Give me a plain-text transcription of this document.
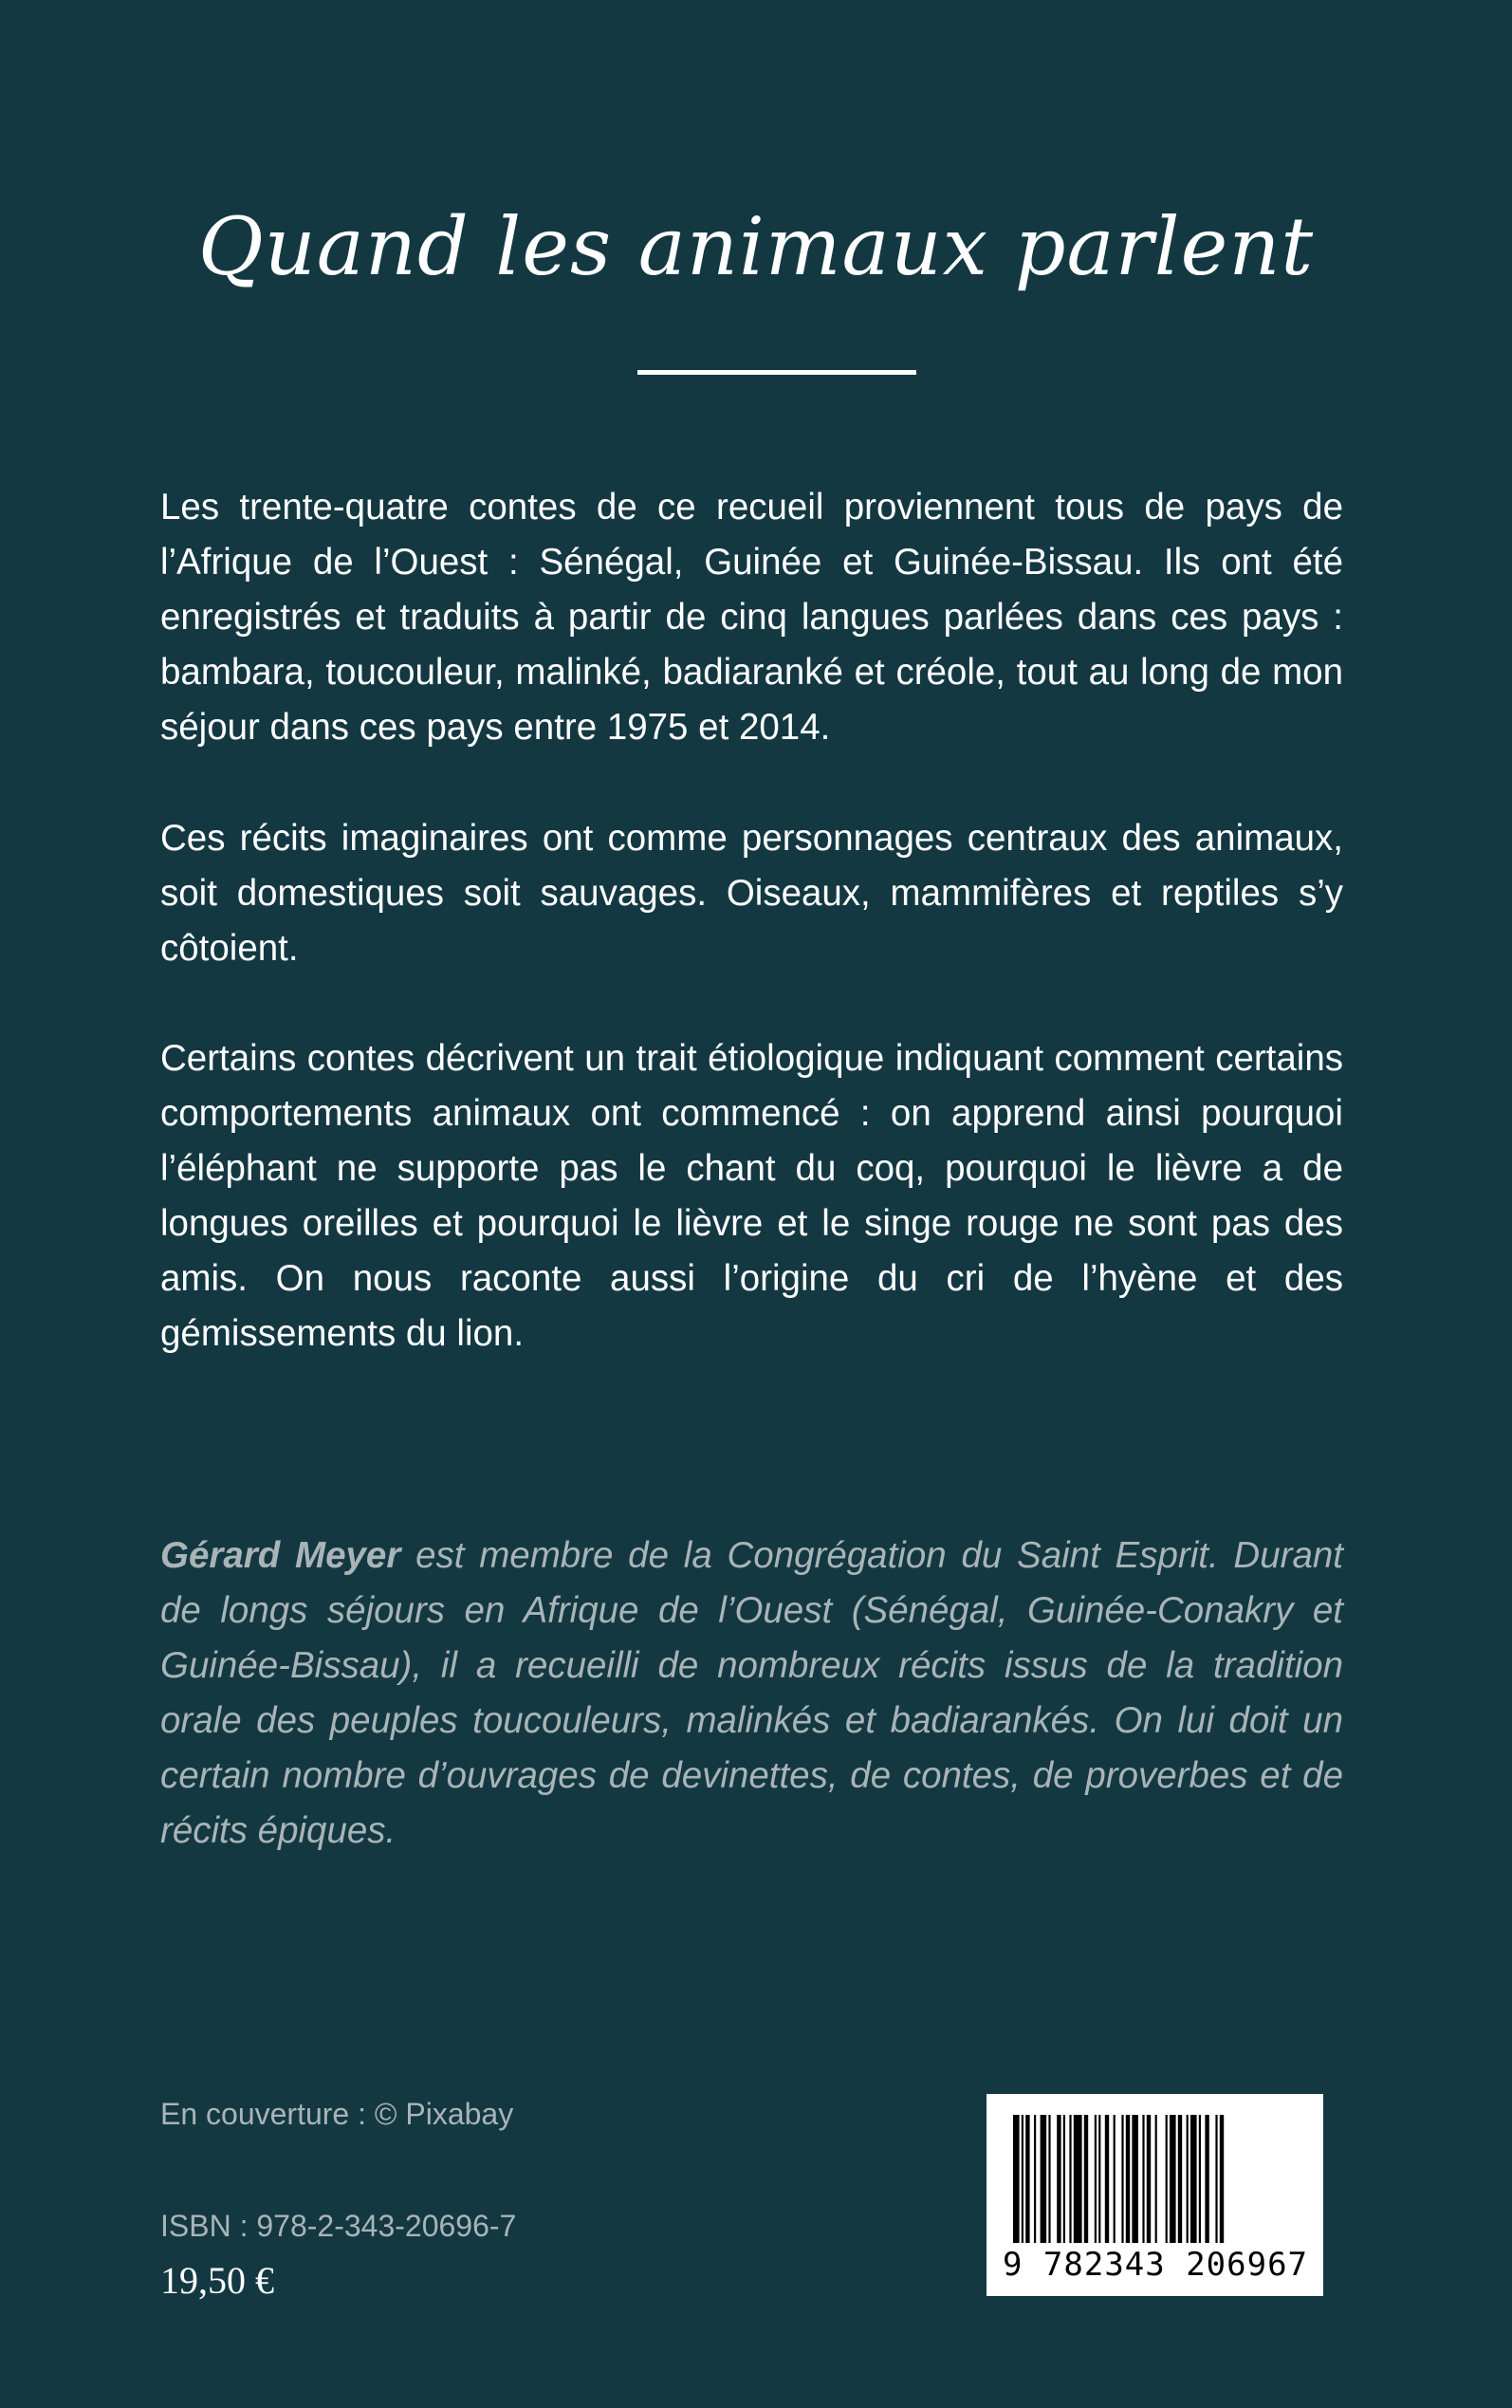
Quand les animaux parlent

Les trente-quatre contes de ce recueil proviennent tous de pays de l’Afrique de l’Ouest : Sénégal, Guinée et Guinée-Bissau. Ils ont été enregistrés et traduits à partir de cinq langues parlées dans ces pays : bambara, toucouleur, malinké, badiaranké et créole, tout au long de mon séjour dans ces pays entre 1975 et 2014.

Ces récits imaginaires ont comme personnages centraux des animaux, soit domestiques soit sauvages. Oiseaux, mammifères et reptiles s’y côtoient.

Certains contes décrivent un trait étiologique indiquant comment certains comportements animaux ont commencé : on apprend ainsi pourquoi l’éléphant ne supporte pas le chant du coq, pourquoi le lièvre a de longues oreilles et pourquoi le lièvre et le singe rouge ne sont pas des amis. On nous raconte aussi l’origine du cri de l’hyène et des gémissements du lion.

Gérard Meyer est membre de la Congrégation du Saint Esprit. Durant de longs séjours en Afrique de l’Ouest (Sénégal, Guinée-Conakry et Guinée-Bissau), il a recueilli de nombreux récits issus de la tradition orale des peuples toucouleurs, malinkés et badiarankés. On lui doit un certain nombre d’ouvrages de devinettes, de contes, de proverbes et de récits épiques.

En couverture : © Pixabay
ISBN : 978-2-343-20696-7
19,50 €	9 782343 206967
